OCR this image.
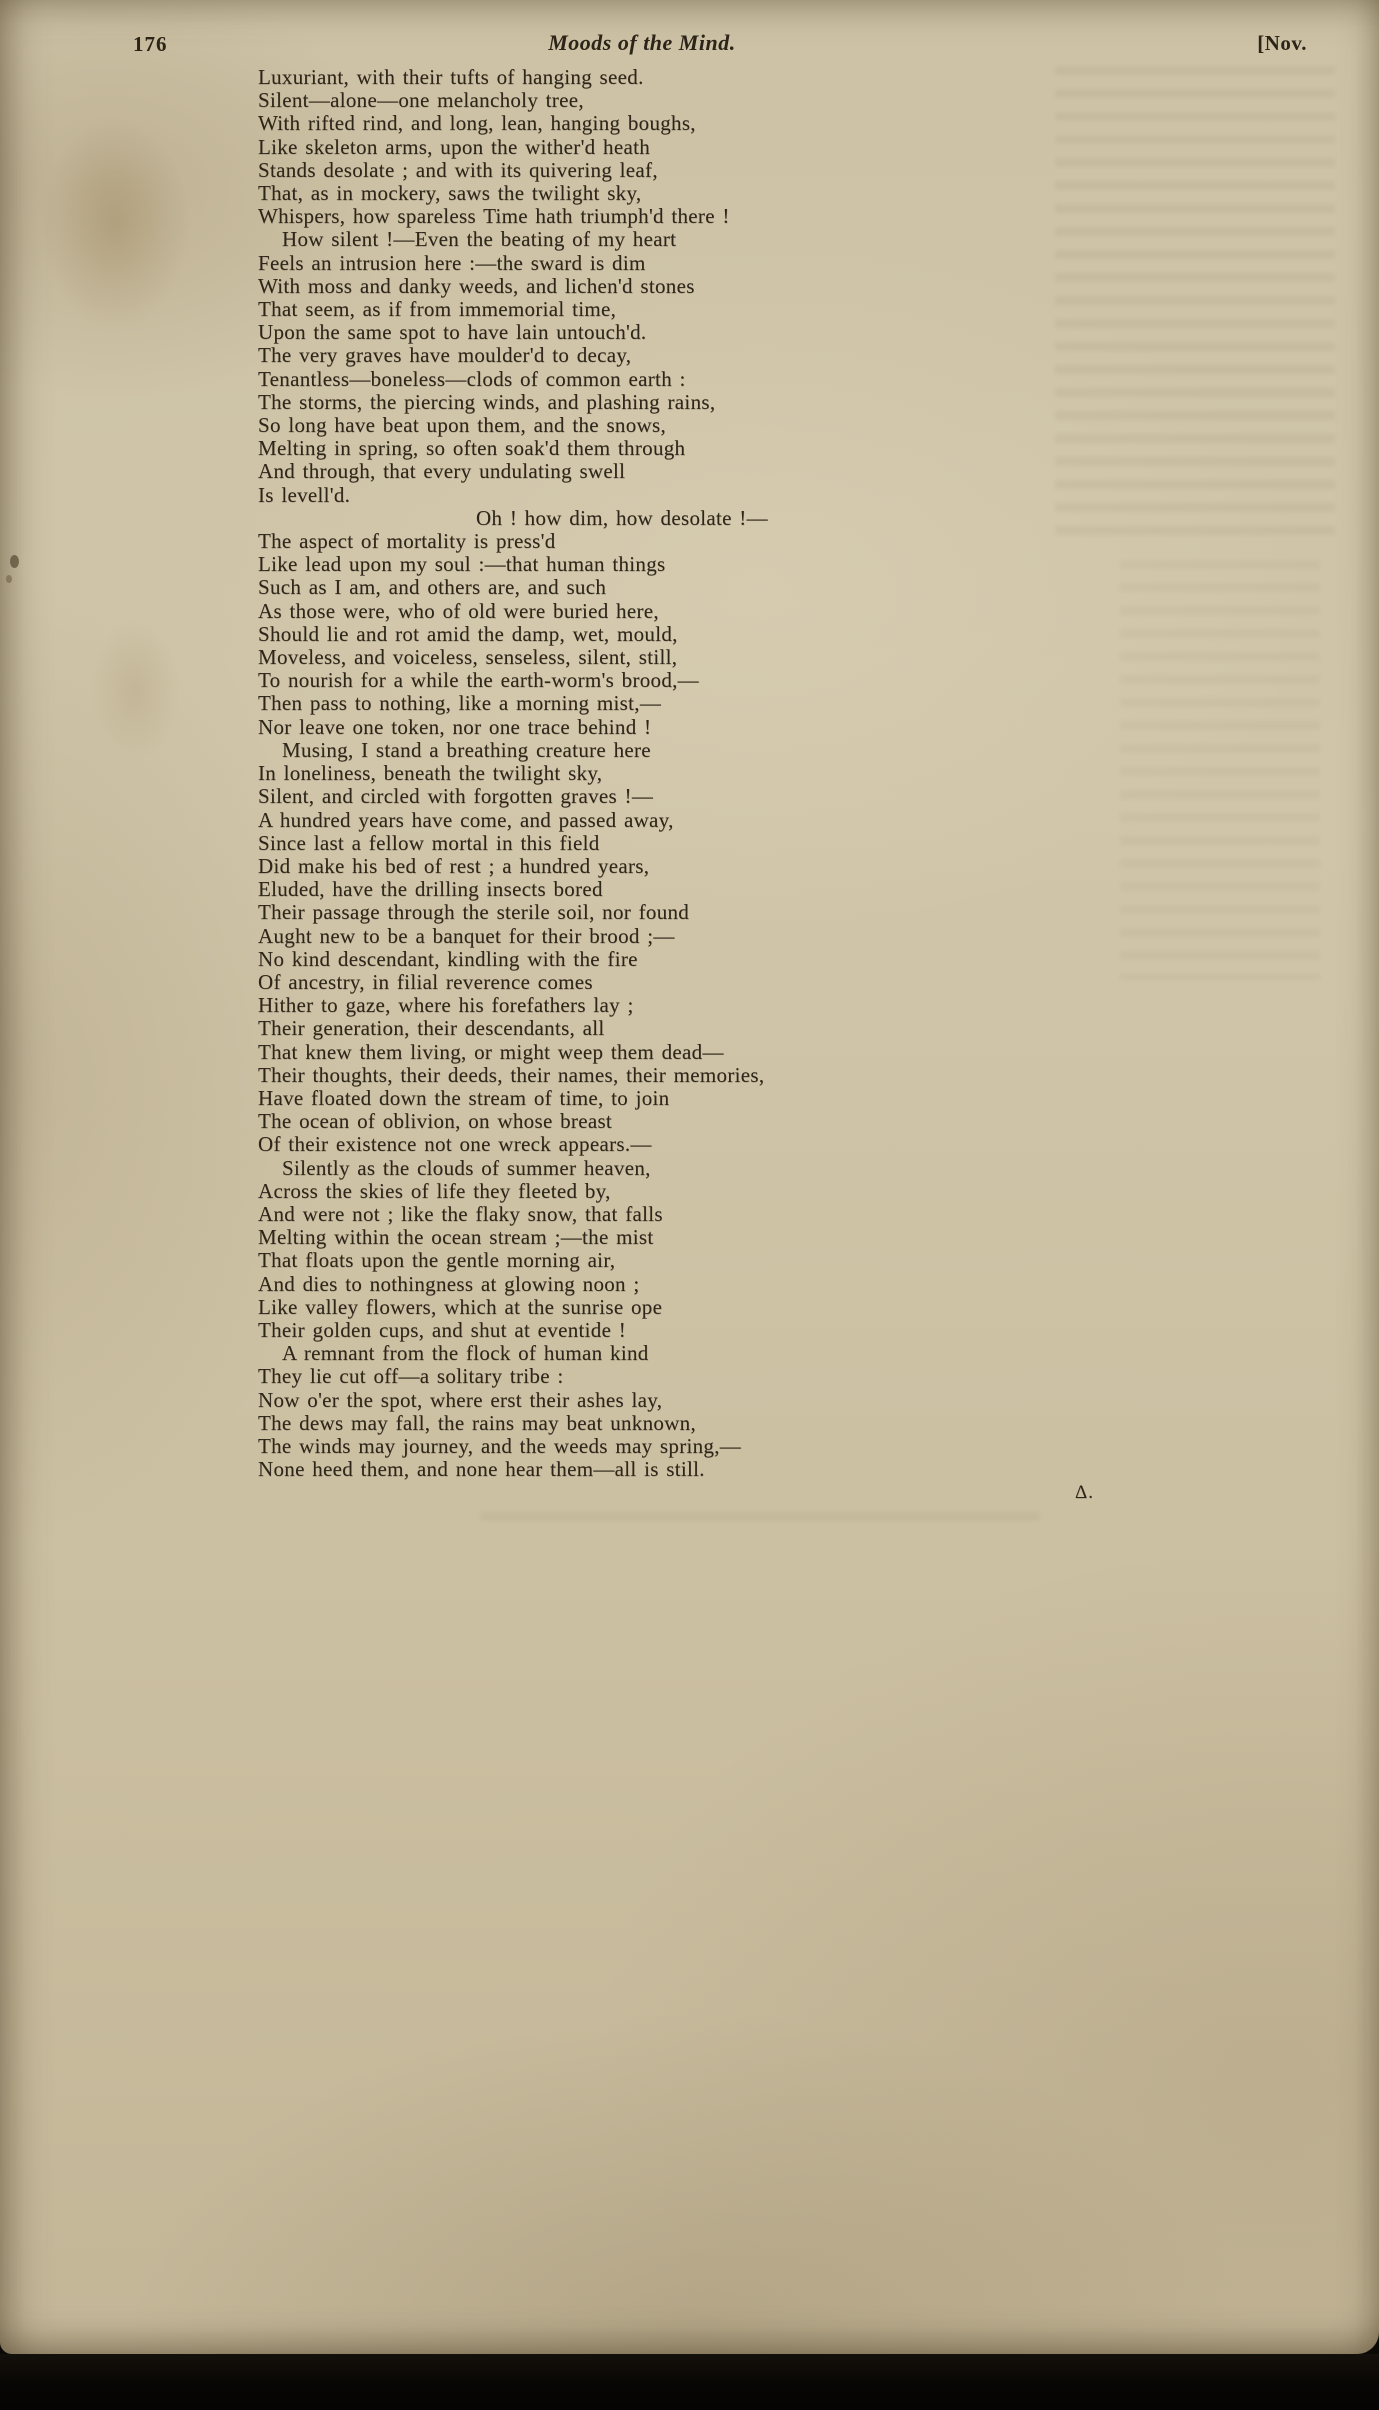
176	Moods of the Mind.	[Nov.
Luxuriant, with their tufts of hanging seed.
Silent—alone—one melancholy tree,
With rifted rind, and long, lean, hanging boughs,
Like skeleton arms, upon the wither'd heath
Stands desolate ; and with its quivering leaf,
That, as in mockery, saws the twilight sky,
Whispers, how spareless Time hath triumph'd there !
How silent !—Even the beating of my heart
Feels an intrusion here :—the sward is dim
With moss and danky weeds, and lichen'd stones
That seem, as if from immemorial time,
Upon the same spot to have lain untouch'd.
The very graves have moulder'd to decay,
Tenantless—boneless—clods of common earth :
The storms, the piercing winds, and plashing rains,
So long have beat upon them, and the snows,
Melting in spring, so often soak'd them through
And through, that every undulating swell
Is levell'd.
Oh ! how dim, how desolate !—
The aspect of mortality is press'd
Like lead upon my soul :—that human things
Such as I am, and others are, and such
As those were, who of old were buried here,
Should lie and rot amid the damp, wet, mould,
Moveless, and voiceless, senseless, silent, still,
To nourish for a while the earth-worm's brood,—
Then pass to nothing, like a morning mist,—
Nor leave one token, nor one trace behind !
Musing, I stand a breathing creature here
In loneliness, beneath the twilight sky,
Silent, and circled with forgotten graves !—
A hundred years have come, and passed away,
Since last a fellow mortal in this field
Did make his bed of rest ; a hundred years,
Eluded, have the drilling insects bored
Their passage through the sterile soil, nor found
Aught new to be a banquet for their brood ;—
No kind descendant, kindling with the fire
Of ancestry, in filial reverence comes
Hither to gaze, where his forefathers lay ;
Their generation, their descendants, all
That knew them living, or might weep them dead—
Their thoughts, their deeds, their names, their memories,
Have floated down the stream of time, to join
The ocean of oblivion, on whose breast
Of their existence not one wreck appears.—
Silently as the clouds of summer heaven,
Across the skies of life they fleeted by,
And were not ; like the flaky snow, that falls
Melting within the ocean stream ;—the mist
That floats upon the gentle morning air,
And dies to nothingness at glowing noon ;
Like valley flowers, which at the sunrise ope
Their golden cups, and shut at eventide !
A remnant from the flock of human kind
They lie cut off—a solitary tribe :
Now o'er the spot, where erst their ashes lay,
The dews may fall, the rains may beat unknown,
The winds may journey, and the weeds may spring,—
None heed them, and none hear them—all is still.
Δ.
